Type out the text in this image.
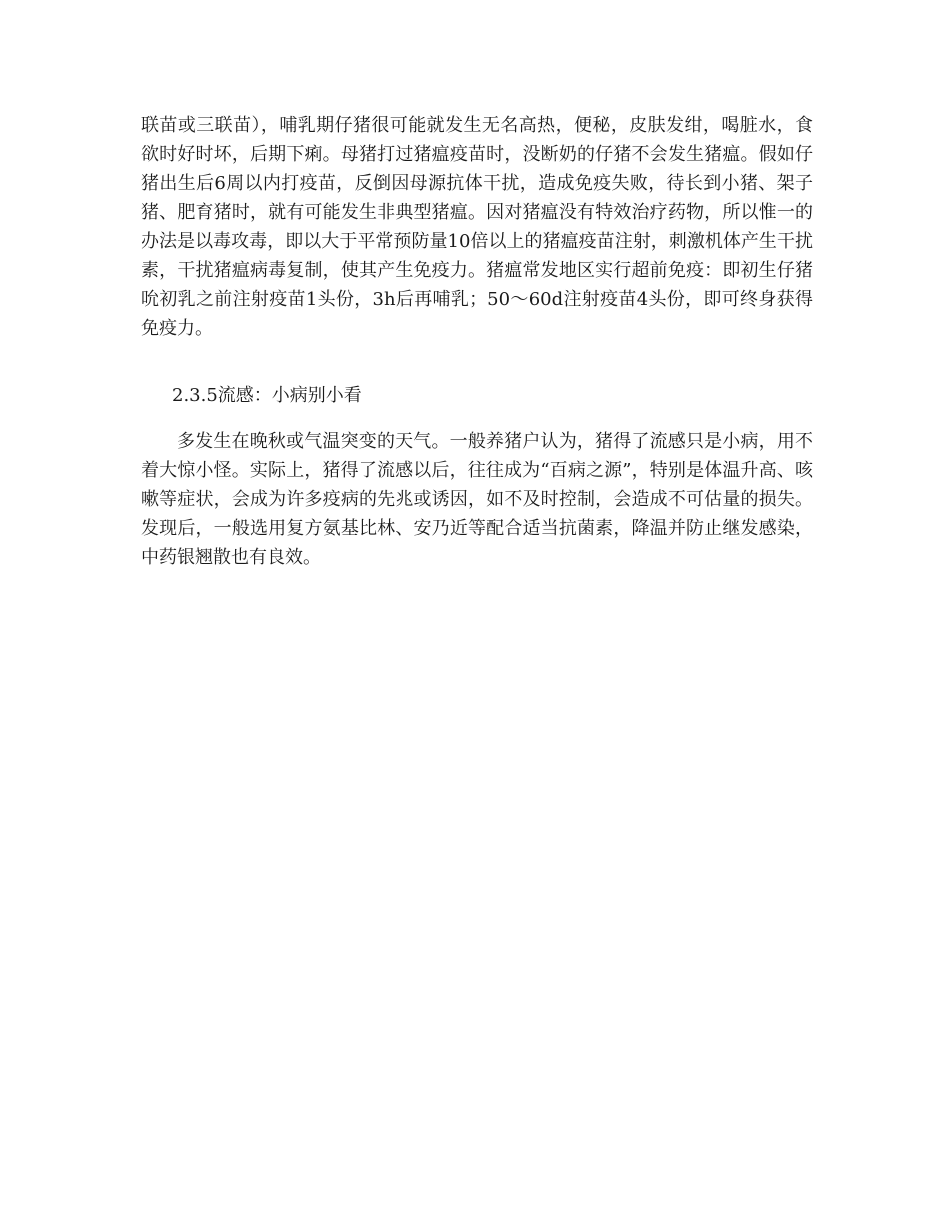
联苗或三联苗），哺乳期仔猪很可能就发生无名高热，便秘，皮肤发绀，喝脏水，食欲时好时坏，后期下痢。母猪打过猪瘟疫苗时，没断奶的仔猪不会发生猪瘟。假如仔猪出生后6周以内打疫苗，反倒因母源抗体干扰，造成免疫失败，待长到小猪、架子猪、肥育猪时，就有可能发生非典型猪瘟。因对猪瘟没有特效治疗药物，所以惟一的办法是以毒攻毒，即以大于平常预防量10倍以上的猪瘟疫苗注射，刺激机体产生干扰素，干扰猪瘟病毒复制，使其产生免疫力。猪瘟常发地区实行超前免疫：即初生仔猪吮初乳之前注射疫苗1头份，3h后再哺乳；50～60d注射疫苗4头份，即可终身获得免疫力。

2.3.5流感：小病别小看

多发生在晚秋或气温突变的天气。一般养猪户认为，猪得了流感只是小病，用不着大惊小怪。实际上，猪得了流感以后，往往成为“百病之源”，特别是体温升高、咳嗽等症状，会成为许多疫病的先兆或诱因，如不及时控制，会造成不可估量的损失。发现后，一般选用复方氨基比林、安乃近等配合适当抗菌素，降温并防止继发感染，中药银翘散也有良效。
